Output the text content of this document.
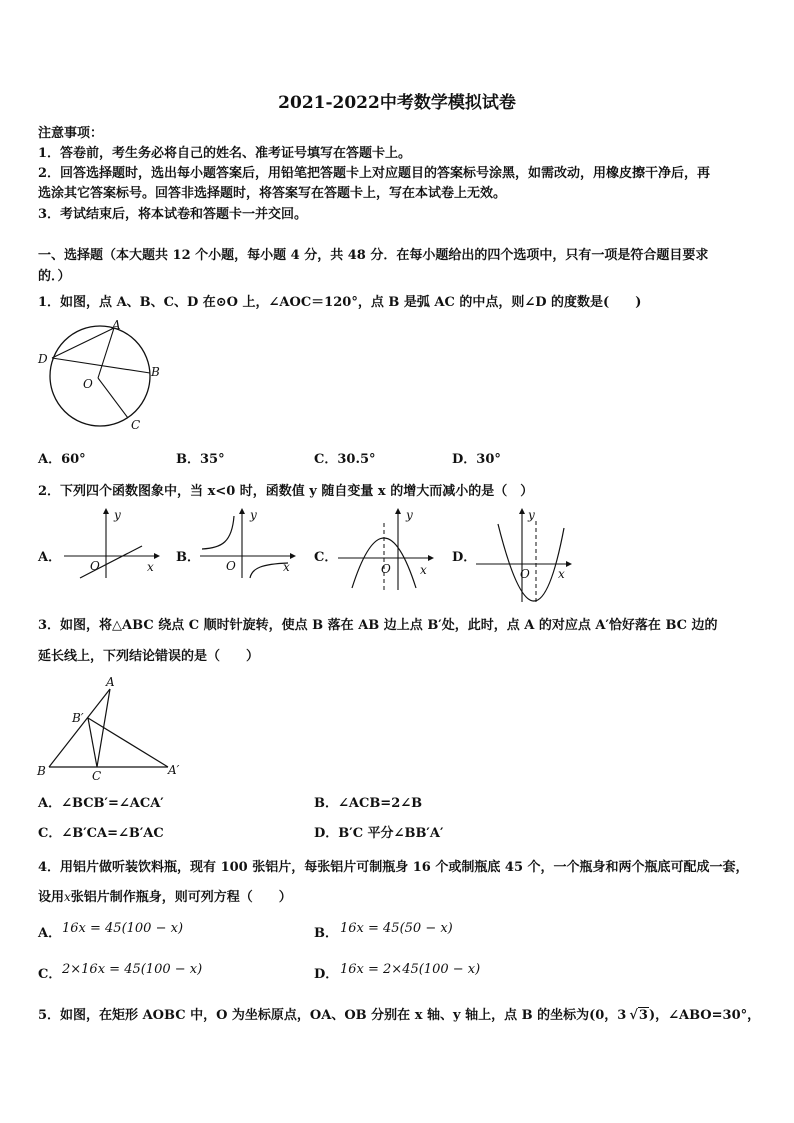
2021-2022中考数学模拟试卷
注意事项：
1．答卷前，考生务必将自己的姓名、准考证号填写在答题卡上。
2．回答选择题时，选出每小题答案后，用铅笔把答题卡上对应题目的答案标号涂黑，如需改动，用橡皮擦干净后，再
选涂其它答案标号。回答非选择题时，将答案写在答题卡上，写在本试卷上无效。
3．考试结束后，将本试卷和答题卡一并交回。
一、选择题（本大题共 12 个小题，每小题 4 分，共 48 分．在每小题给出的四个选项中，只有一项是符合题目要求
的．）
1．如图，点 A、B、C、D 在⊙O 上，∠AOC＝120°，点 B 是弧 AC 的中点，则∠D 的度数是(　　)
A
D
B
O
C
A．60°	B．35°	C．30.5°	D．30°
2．下列四个函数图象中，当 x<0 时，函数值 y 随自变量 x 的增大而减小的是（　）
A．	B．	C．	D．
y
x
O
y
x
O
y
x
O
y
x
O
3．如图，将△ABC 绕点 C 顺时针旋转，使点 B 落在 AB 边上点 B′处，此时，点 A 的对应点 A′恰好落在 BC 边的
延长线上，下列结论错误的是（　　）
A
B′
B	C	A′
A．∠BCB′=∠ACA′	B．∠ACB=2∠B
C．∠B′CA=∠B′AC	D．B′C 平分∠BB′A′
4．用铝片做听装饮料瓶，现有 100 张铝片，每张铝片可制瓶身 16 个或制瓶底 45 个，一个瓶身和两个瓶底可配成一套，
设用x张铝片制作瓶身，则可列方程（　　）
A． 16x = 45(100 − x)	B． 16x = 45(50 − x)
C． 2×16x = 45(100 − x)	D． 16x = 2×45(100 − x)
5．如图，在矩形 AOBC 中，O 为坐标原点，OA、OB 分别在 x 轴、y 轴上，点 B 的坐标为(0，3 √3)，∠ABO=30°，
